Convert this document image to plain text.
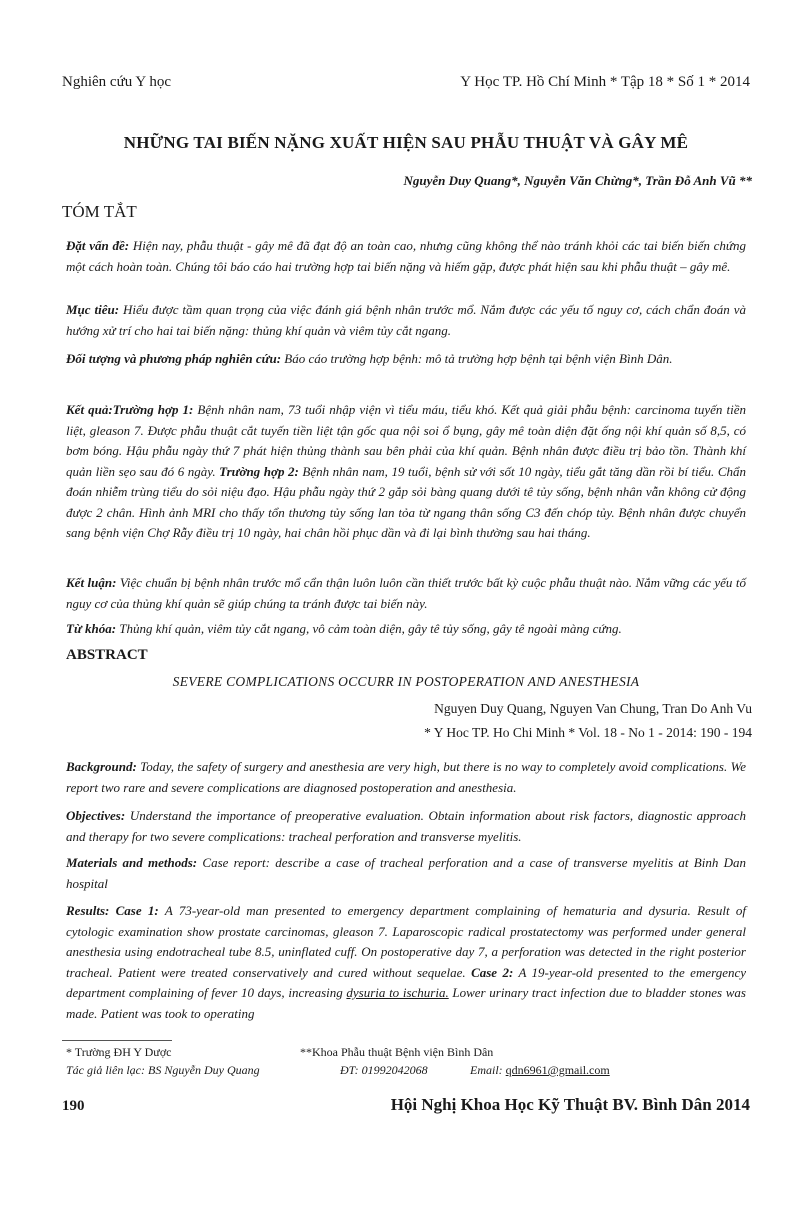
Nghiên cứu Y học	Y Học TP. Hồ Chí Minh * Tập 18 * Số 1 * 2014
NHỮNG TAI BIẾN NẶNG XUẤT HIỆN SAU PHẪU THUẬT VÀ GÂY MÊ
Nguyễn Duy Quang*, Nguyễn Văn Chừng*, Trần Đỗ Anh Vũ **
TÓM TẮT
Đặt vấn đề: Hiện nay, phẫu thuật - gây mê đã đạt độ an toàn cao, nhưng cũng không thể nào tránh khỏi các tai biến biến chứng một cách hoàn toàn. Chúng tôi báo cáo hai trường hợp tai biến nặng và hiếm gặp, được phát hiện sau khi phẫu thuật – gây mê.
Mục tiêu: Hiểu được tầm quan trọng của việc đánh giá bệnh nhân trước mổ. Nắm được các yếu tố nguy cơ, cách chẩn đoán và hướng xử trí cho hai tai biến nặng: thủng khí quản và viêm tủy cắt ngang.
Đối tượng và phương pháp nghiên cứu: Báo cáo trường hợp bệnh: mô tả trường hợp bệnh tại bệnh viện Bình Dân.
Kết quả:Trường hợp 1: Bệnh nhân nam, 73 tuổi nhập viện vì tiểu máu, tiểu khó. Kết quả giải phẫu bệnh: carcinoma tuyến tiền liệt, gleason 7. Được phẫu thuật cắt tuyến tiền liệt tận gốc qua nội soi ổ bụng, gây mê toàn diện đặt ống nội khí quản số 8,5, có bơm bóng. Hậu phẫu ngày thứ 7 phát hiện thủng thành sau bên phải của khí quản. Bệnh nhân được điều trị bảo tồn. Thành khí quản liền sẹo sau đó 6 ngày. Trường hợp 2: Bệnh nhân nam, 19 tuổi, bệnh sử với sốt 10 ngày, tiểu gắt tăng dần rồi bí tiểu. Chẩn đoán nhiễm trùng tiểu do sỏi niệu đạo. Hậu phẫu ngày thứ 2 gắp sỏi bàng quang dưới tê tủy sống, bệnh nhân vẫn không cử động được 2 chân. Hình ảnh MRI cho thấy tổn thương tủy sống lan tỏa từ ngang thân sống C3 đến chóp tủy. Bệnh nhân được chuyển sang bệnh viện Chợ Rẫy điều trị 10 ngày, hai chân hồi phục dần và đi lại bình thường sau hai tháng.
Kết luận: Việc chuẩn bị bệnh nhân trước mổ cẩn thận luôn luôn cần thiết trước bất kỳ cuộc phẫu thuật nào. Nắm vững các yếu tố nguy cơ của thủng khí quản sẽ giúp chúng ta tránh được tai biến này.
Từ khóa: Thủng khí quản, viêm tủy cắt ngang, vô cảm toàn diện, gây tê tủy sống, gây tê ngoài màng cứng.
ABSTRACT
SEVERE COMPLICATIONS OCCURR IN POSTOPERATION AND ANESTHESIA
Nguyen Duy Quang, Nguyen Van Chung, Tran Do Anh Vu
* Y Hoc TP. Ho Chi Minh * Vol. 18 - No 1 - 2014: 190 - 194
Background: Today, the safety of surgery and anesthesia are very high, but there is no way to completely avoid complications. We report two rare and severe complications are diagnosed postoperation and anesthesia.
Objectives: Understand the importance of preoperative evaluation. Obtain information about risk factors, diagnostic approach and therapy for two severe complications: tracheal perforation and transverse myelitis.
Materials and methods: Case report: describe a case of tracheal perforation and a case of transverse myelitis at Binh Dan hospital
Results: Case 1: A 73-year-old man presented to emergency department complaining of hematuria and dysuria. Result of cytologic examination show prostate carcinomas, gleason 7. Laparoscopic radical prostatectomy was performed under general anesthesia using endotracheal tube 8.5, uninflated cuff. On postoperative day 7, a perforation was detected in the right posterior tracheal. Patient were treated conservatively and cured without sequelae. Case 2: A 19-year-old presented to the emergency department complaining of fever 10 days, increasing dysuria to ischuria. Lower urinary tract infection due to bladder stones was made. Patient was took to operating
* Trường ĐH Y Dược	**Khoa Phẫu thuật Bệnh viện Bình Dân
Tác giả liên lạc: BS Nguyễn Duy Quang	ĐT: 01992042068	Email: qdn6961@gmail.com
190	Hội Nghị Khoa Học Kỹ Thuật BV. Bình Dân 2014
